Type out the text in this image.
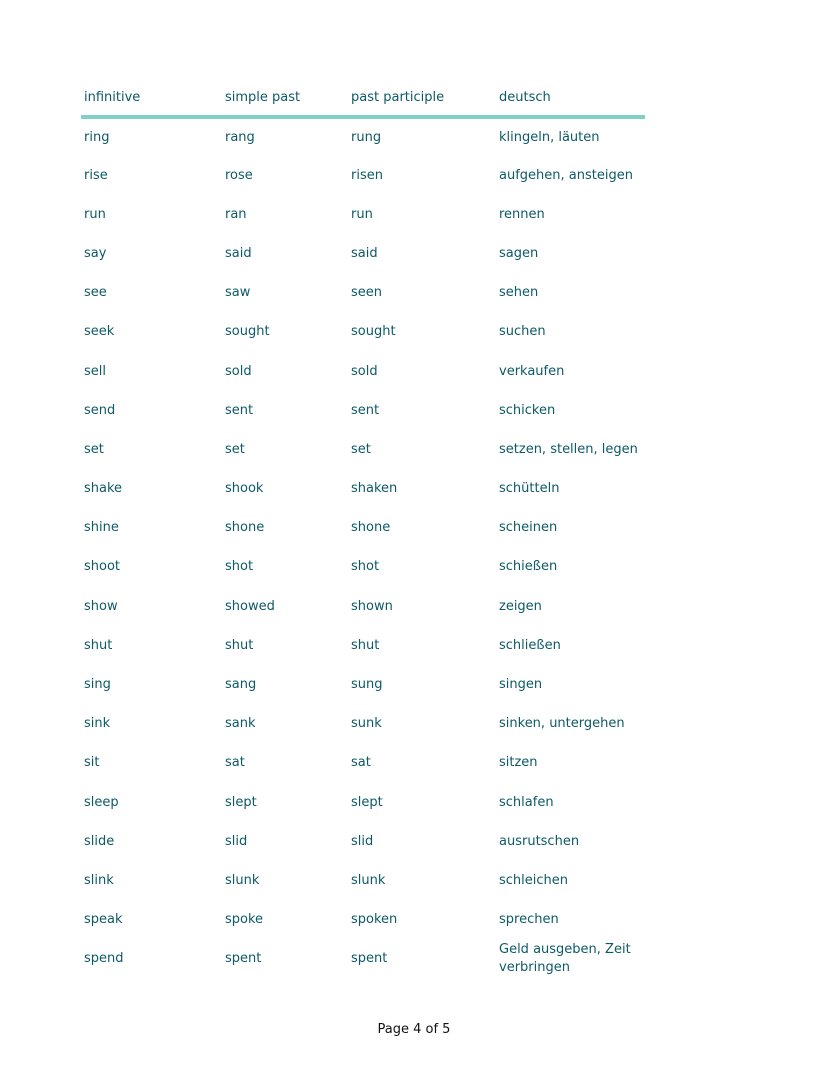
infinitive	simple past	past participle	deutsch
ring	rang	rung	klingeln, läuten
rise	rose	risen	aufgehen, ansteigen
run	ran	run	rennen
say	said	said	sagen
see	saw	seen	sehen
seek	sought	sought	suchen
sell	sold	sold	verkaufen
send	sent	sent	schicken
set	set	set	setzen, stellen, legen
shake	shook	shaken	schütteln
shine	shone	shone	scheinen
shoot	shot	shot	schießen
show	showed	shown	zeigen
shut	shut	shut	schließen
sing	sang	sung	singen
sink	sank	sunk	sinken, untergehen
sit	sat	sat	sitzen
sleep	slept	slept	schlafen
slide	slid	slid	ausrutschen
slink	slunk	slunk	schleichen
speak	spoke	spoken	sprechen
spend	spent	spent	Geld ausgeben, Zeit verbringen
Page 4 of 5
